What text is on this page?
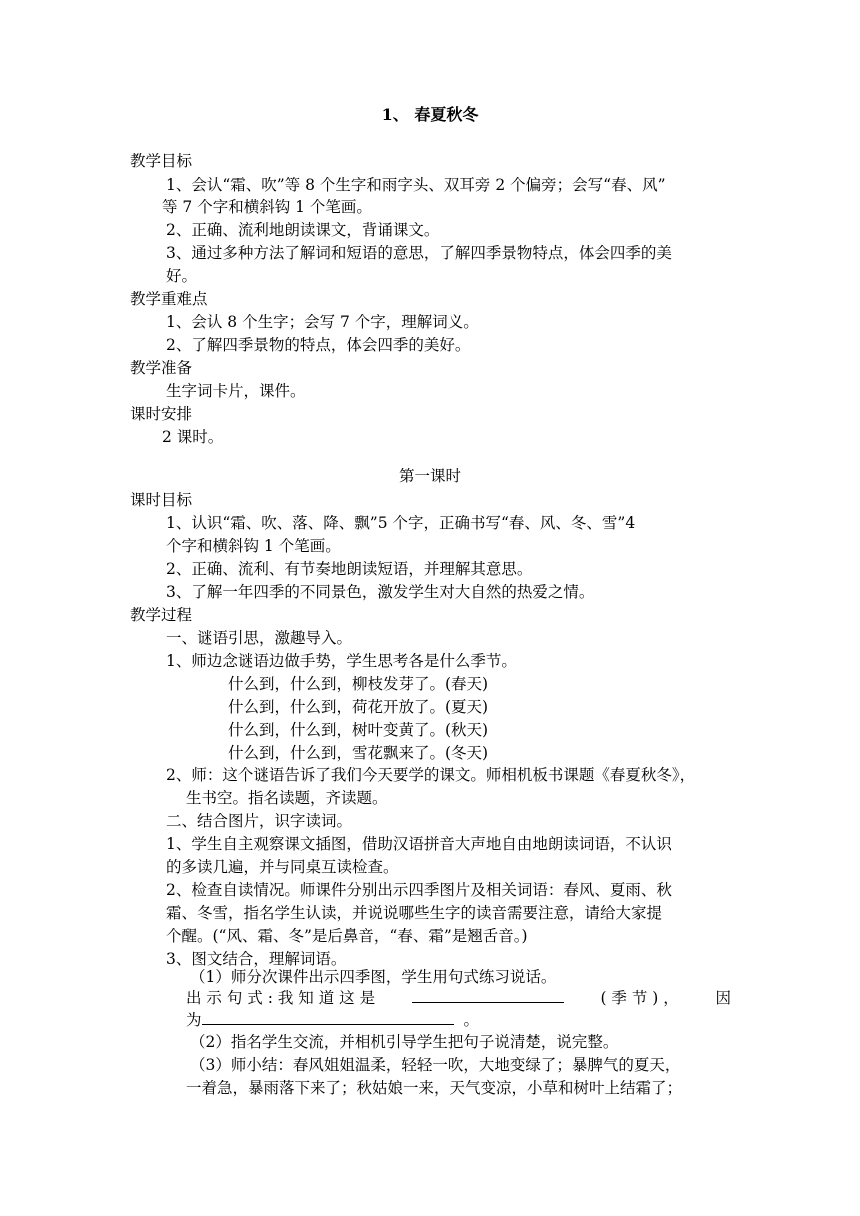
1、 春夏秋冬
教学目标
1、会认“霜、吹”等 8 个生字和雨字头、双耳旁 2 个偏旁；会写“春、风”
等 7 个字和横斜钩 1 个笔画。
2、正确、流利地朗读课文，背诵课文。
3、通过多种方法了解词和短语的意思，了解四季景物特点，体会四季的美
好。
教学重难点
1、会认 8 个生字；会写 7 个字，理解词义。
2、了解四季景物的特点，体会四季的美好。
教学准备
生字词卡片，课件。
课时安排
2 课时。
第一课时
课时目标
1、认识“霜、吹、落、降、飘”5 个字，正确书写“春、风、冬、雪”4
个字和横斜钩 1 个笔画。
2、正确、流利、有节奏地朗读短语，并理解其意思。
3、了解一年四季的不同景色，激发学生对大自然的热爱之情。
教学过程
一、谜语引思，激趣导入。
1、师边念谜语边做手势，学生思考各是什么季节。
什么到，什么到，柳枝发芽了。(春天)
什么到，什么到，荷花开放了。(夏天)
什么到，什么到，树叶变黄了。(秋天)
什么到，什么到，雪花飘来了。(冬天)
2、师：这个谜语告诉了我们今天要学的课文。师相机板书课题《春夏秋冬》，
生书空。指名读题，齐读题。
二、结合图片，识字读词。
1、学生自主观察课文插图，借助汉语拼音大声地自由地朗读词语，不认识
的多读几遍，并与同桌互读检查。
2、检查自读情况。师课件分别出示四季图片及相关词语：春风、夏雨、秋
霜、冬雪，指名学生认读，并说说哪些生字的读音需要注意，请给大家提
个醒。(“风、霜、冬”是后鼻音，“春、霜”是翘舌音。)
3、图文结合，理解词语。
（1）师分次课件出示四季图，学生用句式练习说话。
出 示 句 式 : 我 知 道 这 是	( 季 节 ) ， 因
为	。
（2）指名学生交流，并相机引导学生把句子说清楚，说完整。
（3）师小结：春风姐姐温柔，轻轻一吹，大地变绿了；暴脾气的夏天，
一着急，暴雨落下来了；秋姑娘一来，天气变凉，小草和树叶上结霜了；
